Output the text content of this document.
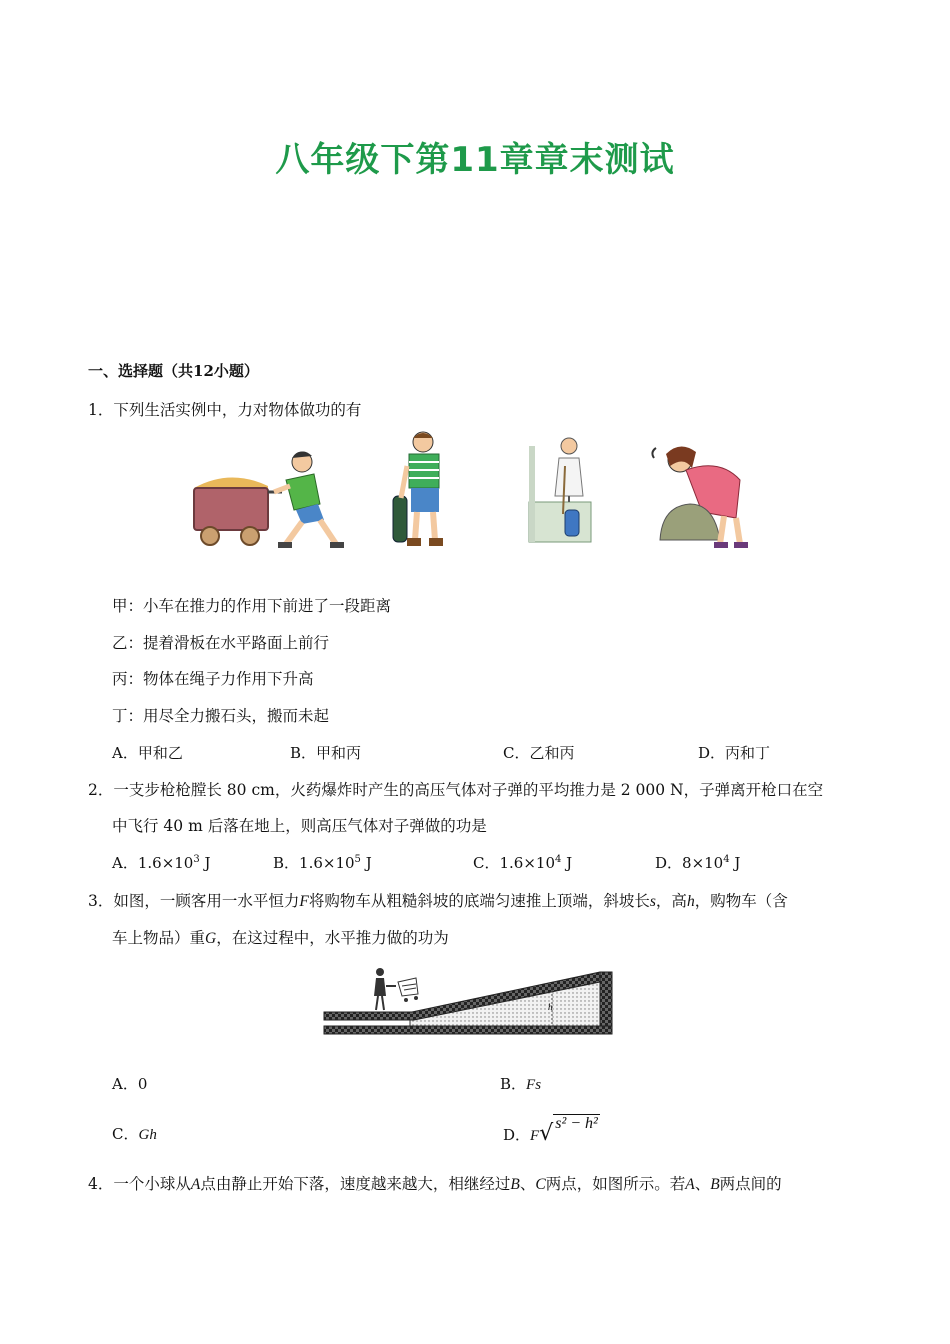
八年级下第11章章末测试
一、选择题（共12小题）
1．下列生活实例中，力对物体做功的有
甲：小车在推力的作用下前进了一段距离
乙：提着滑板在水平路面上前行
丙：物体在绳子力作用下升高
丁：用尽全力搬石头，搬而未起
A．甲和乙	B．甲和丙	C．乙和丙	D．丙和丁
2．一支步枪枪膛长 80 cm，火药爆炸时产生的高压气体对子弹的平均推力是 2 000 N，子弹离开枪口在空
中飞行 40 m 后落在地上，则高压气体对子弹做的功是
A．$1.6\times 10^3$ J	B．$1.6\times 10^5$ J	C．$1.6\times 10^4$ J	D．$8\times 10^4$ J
3．如图，一顾客用一水平恒力F将购物车从粗糙斜坡的底端匀速推上顶端，斜坡长s，高h，购物车（含
车上物品）重G，在这过程中，水平推力做的功为
h
A．0	B．Fs
C．Gh	D．F√ s² − h²
4．一个小球从A点由静止开始下落，速度越来越大，相继经过B、C两点，如图所示。若A、B两点间的
